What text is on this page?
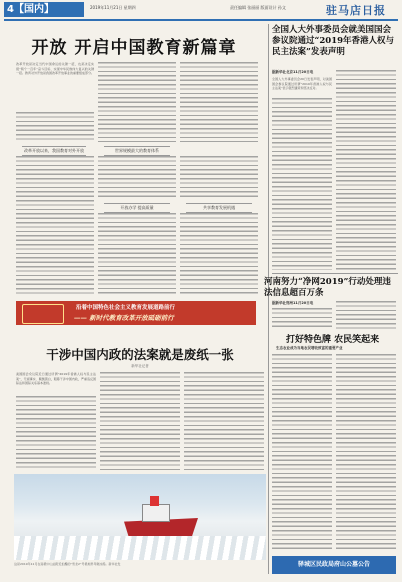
4【国内】	2019年11月21日 星期四	责任编辑 张丽丽 版面设计 孙文	驻马店日报
开放 开启中国教育新篇章
改革开放是决定当代中国命运的关键一招，也是决定实现“两个一百年”奋斗目标、实现中华民族伟大复兴的关键一招。教育对外开放是我国改革开放事业的重要组成部分。
改革开放以来，我国教育对外开放	世界规模最大的教育体系
开放办学 提高质量	共享教育发展机遇
沿着中国特色社会主义教育发展道路前行
—— 新时代教育改革开放砥砺前行
干涉中国内政的法案就是废纸一张
新华社记者
美国国会众议院近日通过所谓“2019年香港人权与民主法案”，无视事实、颠倒黑白，粗暴干涉中国内政，严重违反国际法和国际关系基本准则。
这是2019年11月在南极中山站附近拍摄的“雪龙2”号极地科考破冰船。新华社发
全国人大外事委员会就美国国会参议院通过“2019年香港人权与民主法案”发表声明
据新华社北京11月20日电
全国人大外事委员会20日发表声明，对美国国会参议院通过所谓“2019年香港人权与民主法案”表示强烈谴责和坚决反对。
河南努力“净网2019”行动处理违法信息超百万条
据新华社郑州11月20日电
打好特色牌 农民笑起来
生态农业成为当地农民增收致富的重要产业
驿城区民政局府山公墓公告
